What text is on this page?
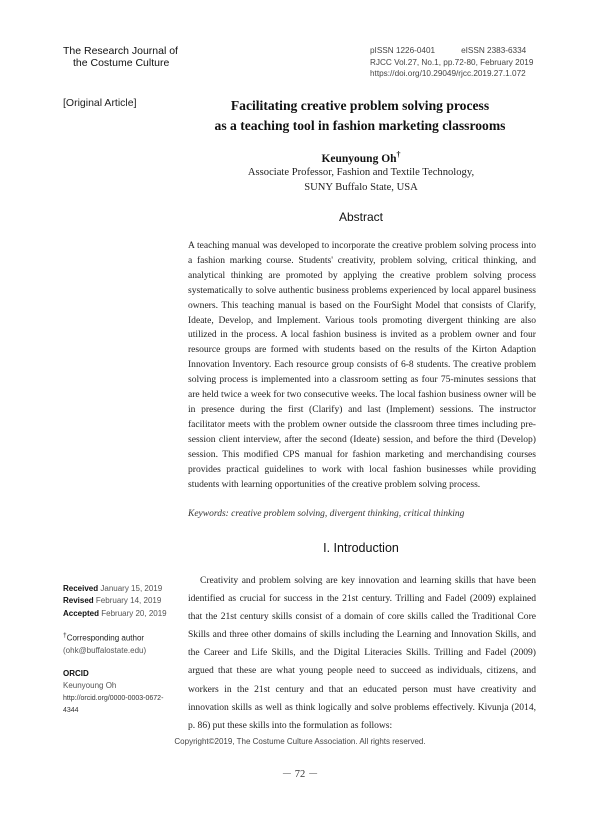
The Research Journal of
the Costume Culture
pISSN 1226-0401	eISSN 2383-6334
RJCC Vol.27, No.1, pp.72-80, February 2019
https://doi.org/10.29049/rjcc.2019.27.1.072
[Original Article]	Facilitating creative problem solving process
as a teaching tool in fashion marketing classrooms
Keunyoung Oh†
Associate Professor, Fashion and Textile Technology,
SUNY Buffalo State, USA
Abstract
A teaching manual was developed to incorporate the creative problem solving process into a fashion marking course. Students' creativity, problem solving, critical thinking, and analytical thinking are promoted by applying the creative problem solving process systematically to solve authentic business problems experienced by local apparel business owners. This teaching manual is based on the FourSight Model that consists of Clarify, Ideate, Develop, and Implement. Various tools promoting divergent thinking are also utilized in the process. A local fashion business is invited as a problem owner and four resource groups are formed with students based on the results of the Kirton Adaption Innovation Inventory. Each resource group consists of 6-8 students. The creative problem solving process is implemented into a classroom setting as four 75-minutes sessions that are held twice a week for two consecutive weeks. The local fashion business owner will be in presence during the first (Clarify) and last (Implement) sessions. The instructor facilitator meets with the problem owner outside the classroom three times including pre-session client interview, after the second (Ideate) session, and before the third (Develop) session. This modified CPS manual for fashion marketing and merchandising courses provides practical guidelines to work with local fashion businesses while providing students with learning opportunities of the creative problem solving process.
Keywords: creative problem solving, divergent thinking, critical thinking
I. Introduction
Received January 15, 2019
Revised February 14, 2019
Accepted February 20, 2019
†Corresponding author
(ohk@buffalostate.edu)
ORCID
Keunyoung Oh
http://orcid.org/0000-0003-0672-4344
Creativity and problem solving are key innovation and learning skills that have been identified as crucial for success in the 21st century. Trilling and Fadel (2009) explained that the 21st century skills consist of a domain of core skills called the Traditional Core Skills and three other domains of skills including the Learning and Innovation Skills, and the Career and Life Skills, and the Digital Literacies Skills. Trilling and Fadel (2009) argued that these are what young people need to succeed as individuals, citizens, and workers in the 21st century and that an educated person must have creativity and innovation skills as well as think logically and solve problems effectively. Kivunja (2014, p. 86) put these skills into the formulation as follows:
Copyright©2019, The Costume Culture Association. All rights reserved.
－ 72 －
